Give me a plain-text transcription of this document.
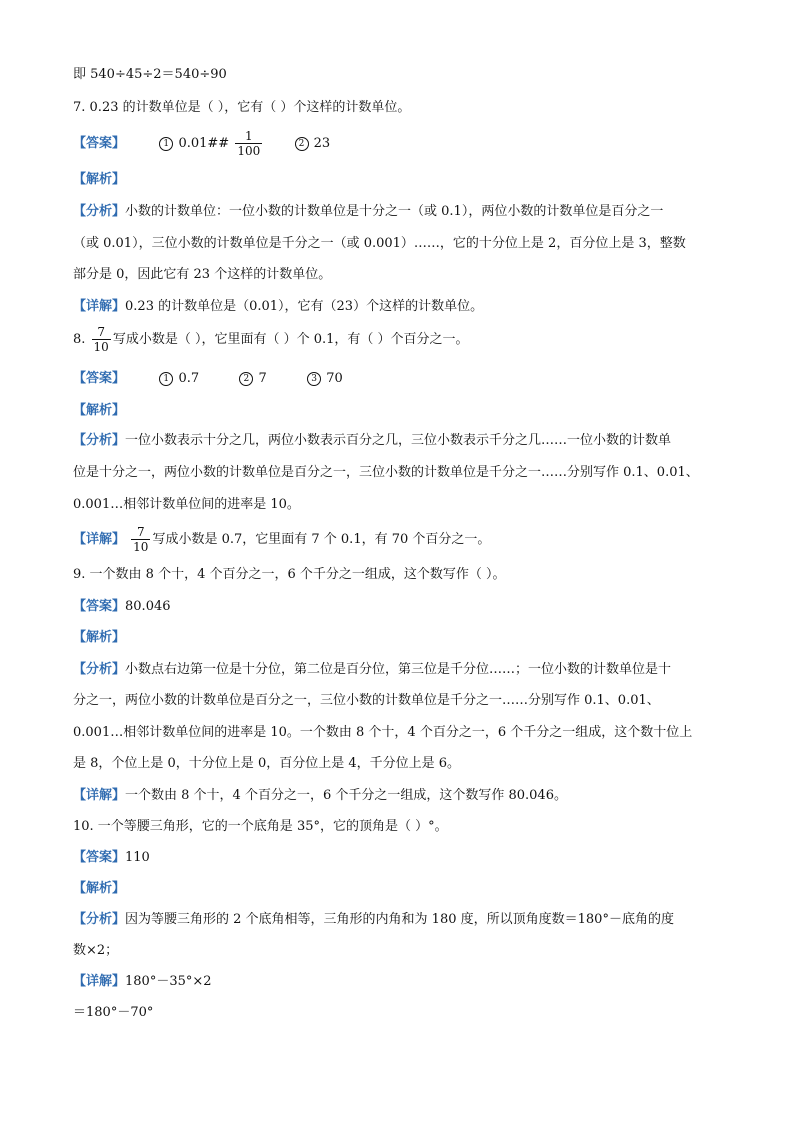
即 540÷45÷2＝540÷90
7. 0.23 的计数单位是（ ），它有（ ）个这样的计数单位。
【答案】	1 0.01## $\frac{1}{100}$	2 23
【解析】
【分析】小数的计数单位：一位小数的计数单位是十分之一（或 0.1），两位小数的计数单位是百分之一
（或 0.01），三位小数的计数单位是千分之一（或 0.001）……，它的十分位上是 2，百分位上是 3，整数
部分是 0，因此它有 23 个这样的计数单位。
【详解】0.23 的计数单位是（0.01），它有（23）个这样的计数单位。
8. $\frac{7}{10}$ 写成小数是（ ），它里面有（ ）个 0.1，有（ ）个百分之一。
【答案】	1 0.7	2 7	3 70
【解析】
【分析】一位小数表示十分之几，两位小数表示百分之几，三位小数表示千分之几……一位小数的计数单
位是十分之一，两位小数的计数单位是百分之一，三位小数的计数单位是千分之一……分别写作 0.1、0.01、
0.001…相邻计数单位间的进率是 10。
【详解】 $\frac{7}{10}$ 写成小数是 0.7，它里面有 7 个 0.1，有 70 个百分之一。
9. 一个数由 8 个十，4 个百分之一，6 个千分之一组成，这个数写作（ ）。
【答案】80.046
【解析】
【分析】小数点右边第一位是十分位，第二位是百分位，第三位是千分位……；一位小数的计数单位是十
分之一，两位小数的计数单位是百分之一，三位小数的计数单位是千分之一……分别写作 0.1、0.01、
0.001…相邻计数单位间的进率是 10。一个数由 8 个十，4 个百分之一，6 个千分之一组成，这个数十位上
是 8，个位上是 0，十分位上是 0，百分位上是 4，千分位上是 6。
【详解】一个数由 8 个十，4 个百分之一，6 个千分之一组成，这个数写作 80.046。
10. 一个等腰三角形，它的一个底角是 35°，它的顶角是（ ）°。
【答案】110
【解析】
【分析】因为等腰三角形的 2 个底角相等，三角形的内角和为 180 度，所以顶角度数＝180°－底角的度
数×2；
【详解】180°－35°×2
＝180°－70°
